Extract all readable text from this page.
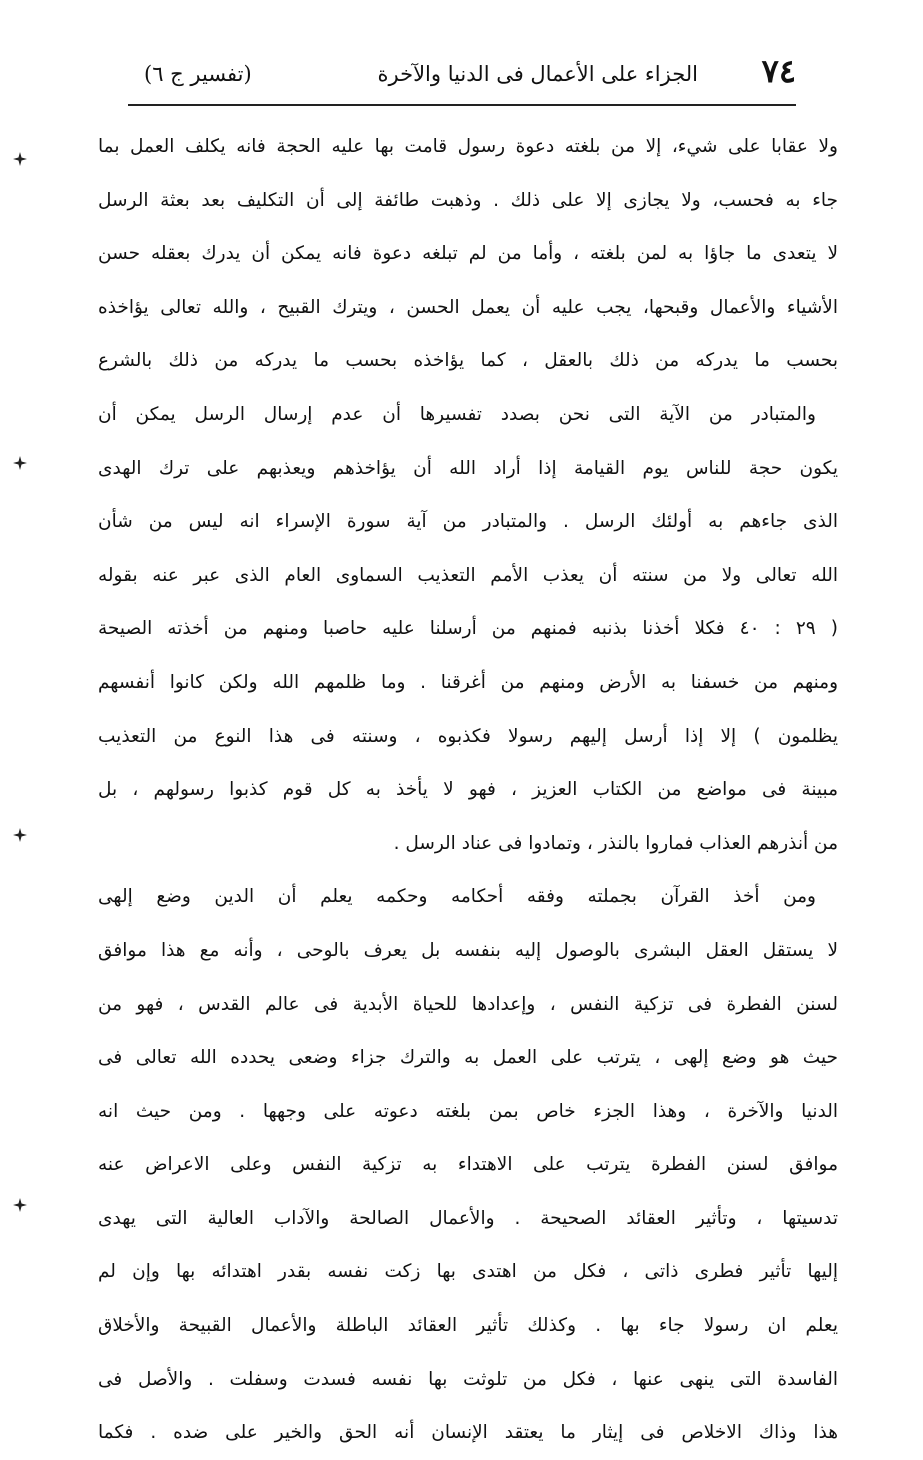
٧٤
الجزاء على الأعمال فى الدنيا والآخرة
(تفسير ج ٦)
ولا عقابا على شيء، إلا من بلغته دعوة رسول قامت بها عليه الحجة فانه يكلف العمل بما
جاء به فحسب، ولا يجازى إلا على ذلك . وذهبت طائفة إلى أن التكليف بعد بعثة الرسل
لا يتعدى ما جاؤا به لمن بلغته ، وأما من لم تبلغه دعوة فانه يمكن أن يدرك بعقله حسن
الأشياء والأعمال وقبحها، يجب عليه أن يعمل الحسن ، ويترك القبيح ، والله تعالى يؤاخذه
بحسب ما يدركه من ذلك بالعقل ، كما يؤاخذه بحسب ما يدركه من ذلك بالشرع
والمتبادر من الآية التى نحن بصدد تفسيرها أن عدم إرسال الرسل يمكن أن
يكون حجة للناس يوم القيامة إذا أراد الله أن يؤاخذهم ويعذبهم على ترك الهدى
الذى جاءهم به أولئك الرسل . والمتبادر من آية سورة الإسراء انه ليس من شأن
الله تعالى ولا من سنته أن يعذب الأمم التعذيب السماوى العام الذى عبر عنه بقوله
( ٢٩ : ٤٠ فكلا أخذنا بذنبه فمنهم من أرسلنا عليه حاصبا ومنهم من أخذته الصيحة
ومنهم من خسفنا به الأرض ومنهم من أغرقنا . وما ظلمهم الله ولكن كانوا أنفسهم
يظلمون ) إلا إذا أرسل إليهم رسولا فكذبوه ، وسنته فى هذا النوع من التعذيب
مبينة فى مواضع من الكتاب العزيز ، فهو لا يأخذ به كل قوم كذبوا رسولهم ، بل
من أنذرهم العذاب فماروا بالنذر ، وتمادوا فى عناد الرسل .
ومن أخذ القرآن بجملته وفقه أحكامه وحكمه يعلم أن الدين وضع إلهى
لا يستقل العقل البشرى بالوصول إليه بنفسه بل يعرف بالوحى ، وأنه مع هذا موافق
لسنن الفطرة فى تزكية النفس ، وإعدادها للحياة الأبدية فى عالم القدس ، فهو من
حيث هو وضع إلهى ، يترتب على العمل به والترك جزاء وضعى يحدده الله تعالى فى
الدنيا والآخرة ، وهذا الجزء خاص بمن بلغته دعوته على وجهها . ومن حيث انه
موافق لسنن الفطرة يترتب على الاهتداء به تزكية النفس وعلى الاعراض عنه
تدسيتها ، وتأثير العقائد الصحيحة . والأعمال الصالحة والآداب العالية التى يهدى
إليها تأثير فطرى ذاتى ، فكل من اهتدى بها زكت نفسه بقدر اهتدائه بها وإن لم
يعلم ان رسولا جاء بها . وكذلك تأثير العقائد الباطلة والأعمال القبيحة والأخلاق
الفاسدة التى ينهى عنها ، فكل من تلوثت بها نفسه فسدت وسفلت . والأصل فى
هذا وذاك الاخلاص فى إيثار ما يعتقد الإنسان أنه الحق والخير على ضده . فكما
